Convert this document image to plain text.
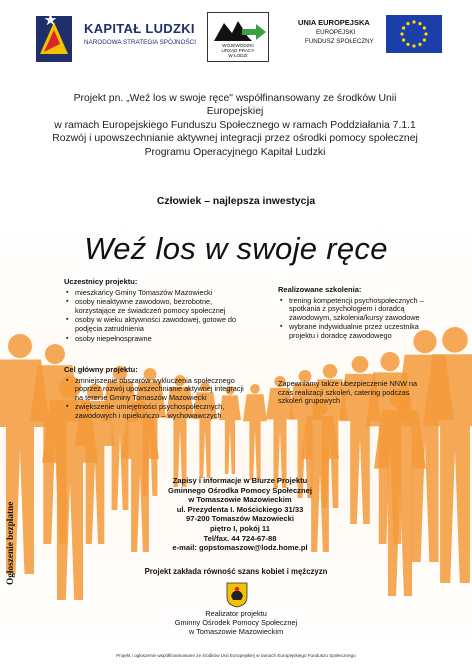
KAPITAŁ LUDZKI
NARODOWA STRATEGIA SPÓJNOŚCI	WOJEWÓDZKI
URZĄD PRACY
W ŁODZI
UNIA EUROPEJSKA
EUROPEJSKI
FUNDUSZ SPOŁECZNY
Projekt pn. „Weź los w swoje ręce" współfinansowany ze środków Unii
Europejskiej
w ramach Europejskiego Funduszu Społecznego w ramach Poddziałania 7.1.1
Rozwój i upowszechnianie aktywnej integracji przez ośrodki pomocy społecznej
Programu Operacyjnego Kapitał Ludzki
Człowiek – najlepsza inwestycja
Weź los w swoje ręce
Uczestnicy projektu:
▪ mieszkańcy Gminy Tomaszów Mazowiecki
▪ osoby nieaktywne zawodowo, bezrobotne, korzystające ze świadczeń pomocy społecznej
▪ osoby w wieku aktywności zawodowej, gotowe do podjęcia zatrudnienia
▪ osoby niepełnosprawne
Realizowane szkolenia:
▪ trening kompetencji psychospołecznych – spotkania z psychologiem i doradcą zawodowym, szkolenia/kursy zawodowe
▪ wybrane indywidualnie przez uczestnika projektu i doradcę zawodowego
Cel główny projektu:
▪ zmniejszenie obszarów wykluczenia społecznego poprzez rozwój upowszechnianie aktywnej integracji na terenie Gminy Tomaszów Mazowiecki
▪ zwiększenie umiejętności psychospołecznych, zawodowych i opiekuńczo – wychowawczych
Zapewniamy także ubezpieczenie NNW na czas realizacji szkoleń, catering podczas szkoleń grupowych
Zapisy i informacje w Biurze Projektu
Gminnego Ośrodka Pomocy Społecznej
w Tomaszowie Mazowieckim
ul. Prezydenta I. Mościckiego 31/33
97-200 Tomaszów Mazowiecki
piętro I, pokój 11
Tel/fax. 44 724-67-88
e-mail: gopstomaszow@lodz.home.pl
Projekt zakłada równość szans kobiet i mężczyzn
Realizator projektu
Gminny Ośrodek Pomocy Społecznej
w Tomaszowie Mazowieckim
Ogłoszenie bezpłatne
Projekt i ogłoszenie współfinansowane ze środków Unii Europejskiej w ramach Europejskiego Funduszu Społecznego
